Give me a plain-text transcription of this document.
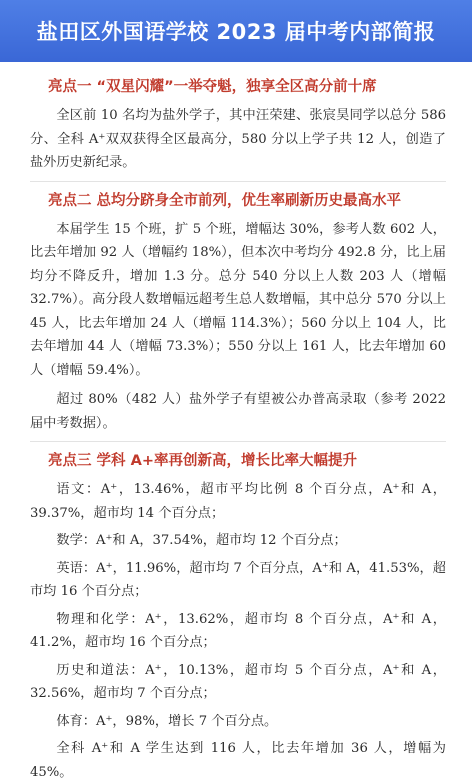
盐田区外国语学校 2023 届中考内部简报
亮点一 “双星闪耀”一举夺魁，独享全区高分前十席

全区前 10 名均为盐外学子，其中汪荣建、张宸昊同学以总分 586 分、全科 A⁺双双获得全区最高分，580 分以上学子共 12 人，创造了盐外历史新纪录。

亮点二 总均分跻身全市前列，优生率刷新历史最高水平

本届学生 15 个班，扩 5 个班，增幅达 30%，参考人数 602 人，比去年增加 92 人（增幅约 18%），但本次中考均分 492.8 分，比上届均分不降反升，增加 1.3 分。总分 540 分以上人数 203 人（增幅 32.7%）。高分段人数增幅远超考生总人数增幅，其中总分 570 分以上 45 人，比去年增加 24 人（增幅 114.3%）；560 分以上 104 人，比去年增加 44 人（增幅 73.3%）；550 分以上 161 人，比去年增加 60 人（增幅 59.4%）。

超过 80%（482 人）盐外学子有望被公办普高录取（参考 2022 届中考数据）。

亮点三 学科 A+率再创新高，增长比率大幅提升

语文：A⁺，13.46%，超市平均比例 8 个百分点，A⁺和 A，39.37%，超市均 14 个百分点；

数学：A⁺和 A，37.54%，超市均 12 个百分点；

英语：A⁺，11.96%，超市均 7 个百分点，A⁺和 A，41.53%，超市均 16 个百分点；

物理和化学：A⁺，13.62%，超市均 8 个百分点，A⁺和 A，41.2%，超市均 16 个百分点；

历史和道法：A⁺，10.13%，超市均 5 个百分点，A⁺和 A，32.56%，超市均 7 个百分点；

体育：A⁺，98%，增长 7 个百分点。

全科 A⁺和 A 学生达到 116 人，比去年增加 36 人，增幅为 45%。
